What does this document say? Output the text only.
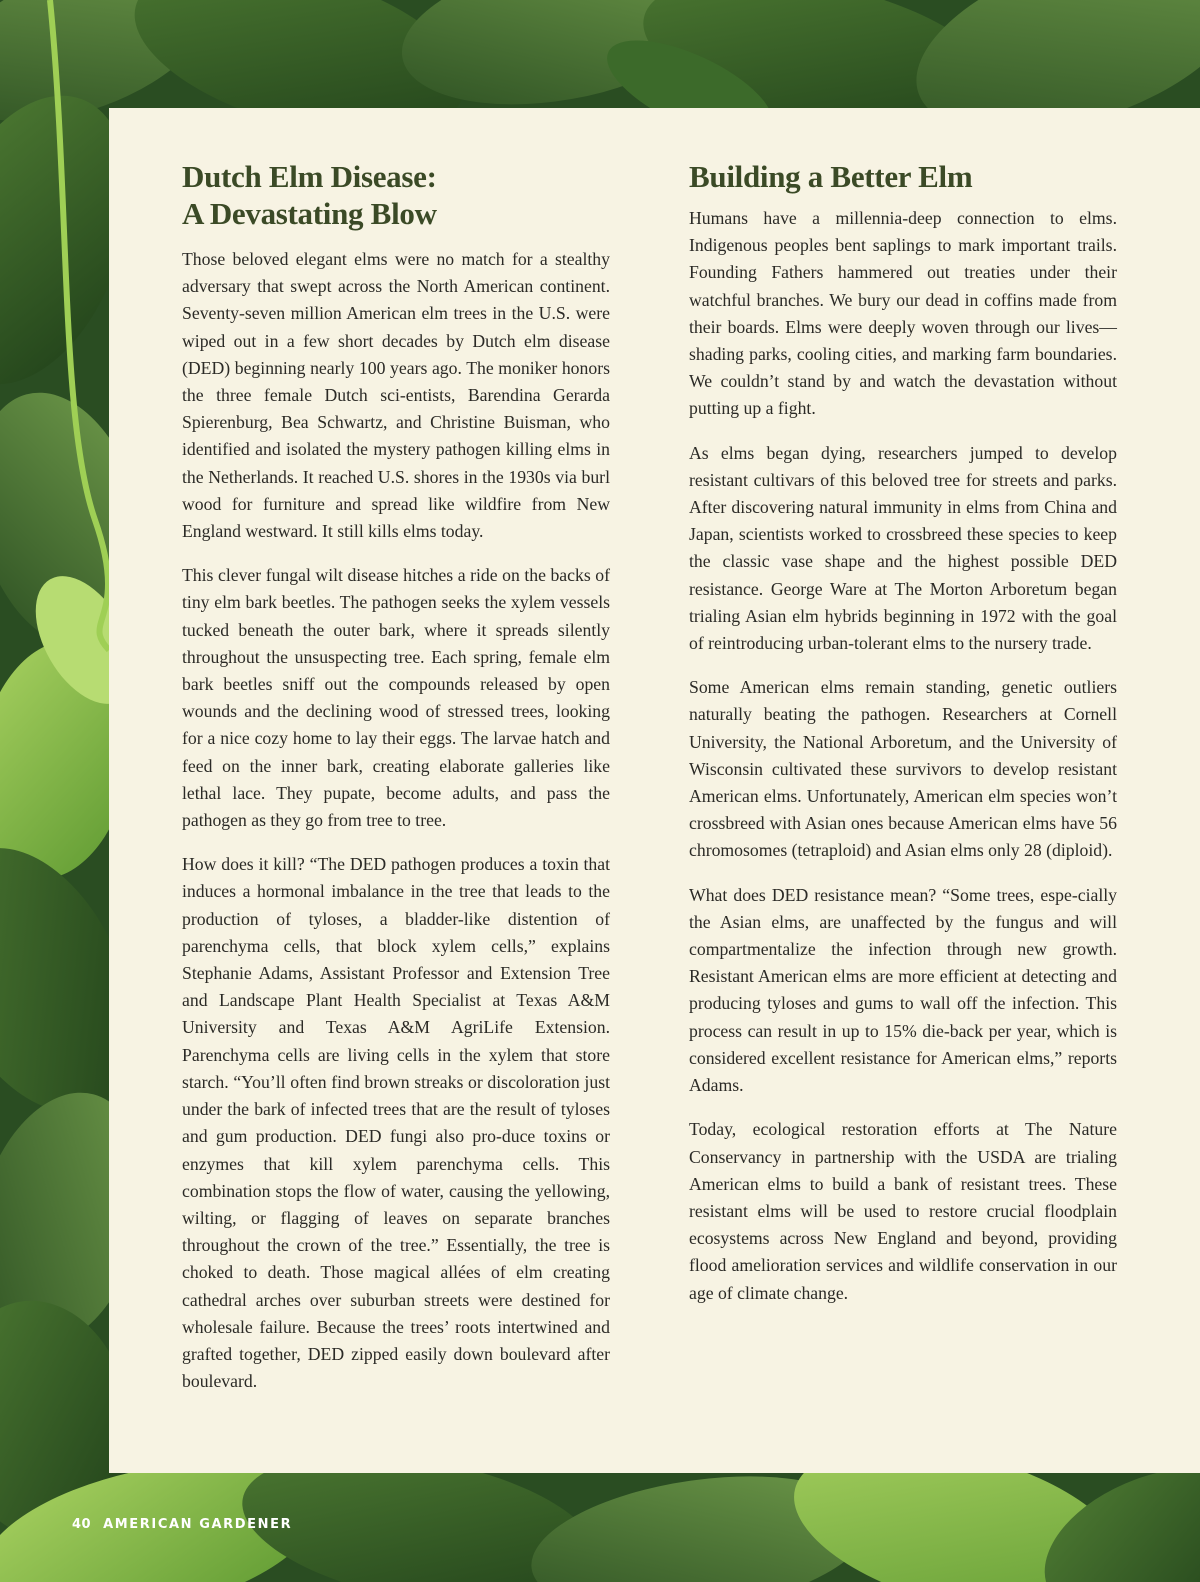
Dutch Elm Disease:
A Devastating Blow

Those beloved elegant elms were no match for a stealthy adversary that swept across the North American continent. Seventy-seven million American elm trees in the U.S. were wiped out in a few short decades by Dutch elm disease (DED) beginning nearly 100 years ago. The moniker honors the three female Dutch sci-entists, Barendina Gerarda Spierenburg, Bea Schwartz, and Christine Buisman, who identified and isolated the mystery pathogen killing elms in the Netherlands. It reached U.S. shores in the 1930s via burl wood for furniture and spread like wildfire from New England westward. It still kills elms today.

This clever fungal wilt disease hitches a ride on the backs of tiny elm bark beetles. The pathogen seeks the xylem vessels tucked beneath the outer bark, where it spreads silently throughout the unsuspecting tree. Each spring, female elm bark beetles sniff out the compounds released by open wounds and the declining wood of stressed trees, looking for a nice cozy home to lay their eggs. The larvae hatch and feed on the inner bark, creating elaborate galleries like lethal lace. They pupate, become adults, and pass the pathogen as they go from tree to tree.

How does it kill? “The DED pathogen produces a toxin that induces a hormonal imbalance in the tree that leads to the production of tyloses, a bladder-like distention of parenchyma cells, that block xylem cells,” explains Stephanie Adams, Assistant Professor and Extension Tree and Landscape Plant Health Specialist at Texas A&M University and Texas A&M AgriLife Extension. Parenchyma cells are living cells in the xylem that store starch. “You’ll often find brown streaks or discoloration just under the bark of infected trees that are the result of tyloses and gum production. DED fungi also pro-duce toxins or enzymes that kill xylem parenchyma cells. This combination stops the flow of water, causing the yellowing, wilting, or flagging of leaves on separate branches throughout the crown of the tree.” Essentially, the tree is choked to death. Those magical allées of elm creating cathedral arches over suburban streets were destined for wholesale failure. Because the trees’ roots intertwined and grafted together, DED zipped easily down boulevard after boulevard.

Building a Better Elm

Humans have a millennia-deep connection to elms. Indigenous peoples bent saplings to mark important trails. Founding Fathers hammered out treaties under their watchful branches. We bury our dead in coffins made from their boards. Elms were deeply woven through our lives—shading parks, cooling cities, and marking farm boundaries. We couldn’t stand by and watch the devastation without putting up a fight.

As elms began dying, researchers jumped to develop resistant cultivars of this beloved tree for streets and parks. After discovering natural immunity in elms from China and Japan, scientists worked to crossbreed these species to keep the classic vase shape and the highest possible DED resistance. George Ware at The Morton Arboretum began trialing Asian elm hybrids beginning in 1972 with the goal of reintroducing urban-tolerant elms to the nursery trade.

Some American elms remain standing, genetic outliers naturally beating the pathogen. Researchers at Cornell University, the National Arboretum, and the University of Wisconsin cultivated these survivors to develop resistant American elms. Unfortunately, American elm species won’t crossbreed with Asian ones because American elms have 56 chromosomes (tetraploid) and Asian elms only 28 (diploid).

What does DED resistance mean? “Some trees, espe-cially the Asian elms, are unaffected by the fungus and will compartmentalize the infection through new growth. Resistant American elms are more efficient at detecting and producing tyloses and gums to wall off the infection. This process can result in up to 15% die-back per year, which is considered excellent resistance for American elms,” reports Adams.

Today, ecological restoration efforts at The Nature Conservancy in partnership with the USDA are trialing American elms to build a bank of resistant trees. These resistant elms will be used to restore crucial floodplain ecosystems across New England and beyond, providing flood amelioration services and wildlife conservation in our age of climate change.

40 AMERICAN GARDENER
